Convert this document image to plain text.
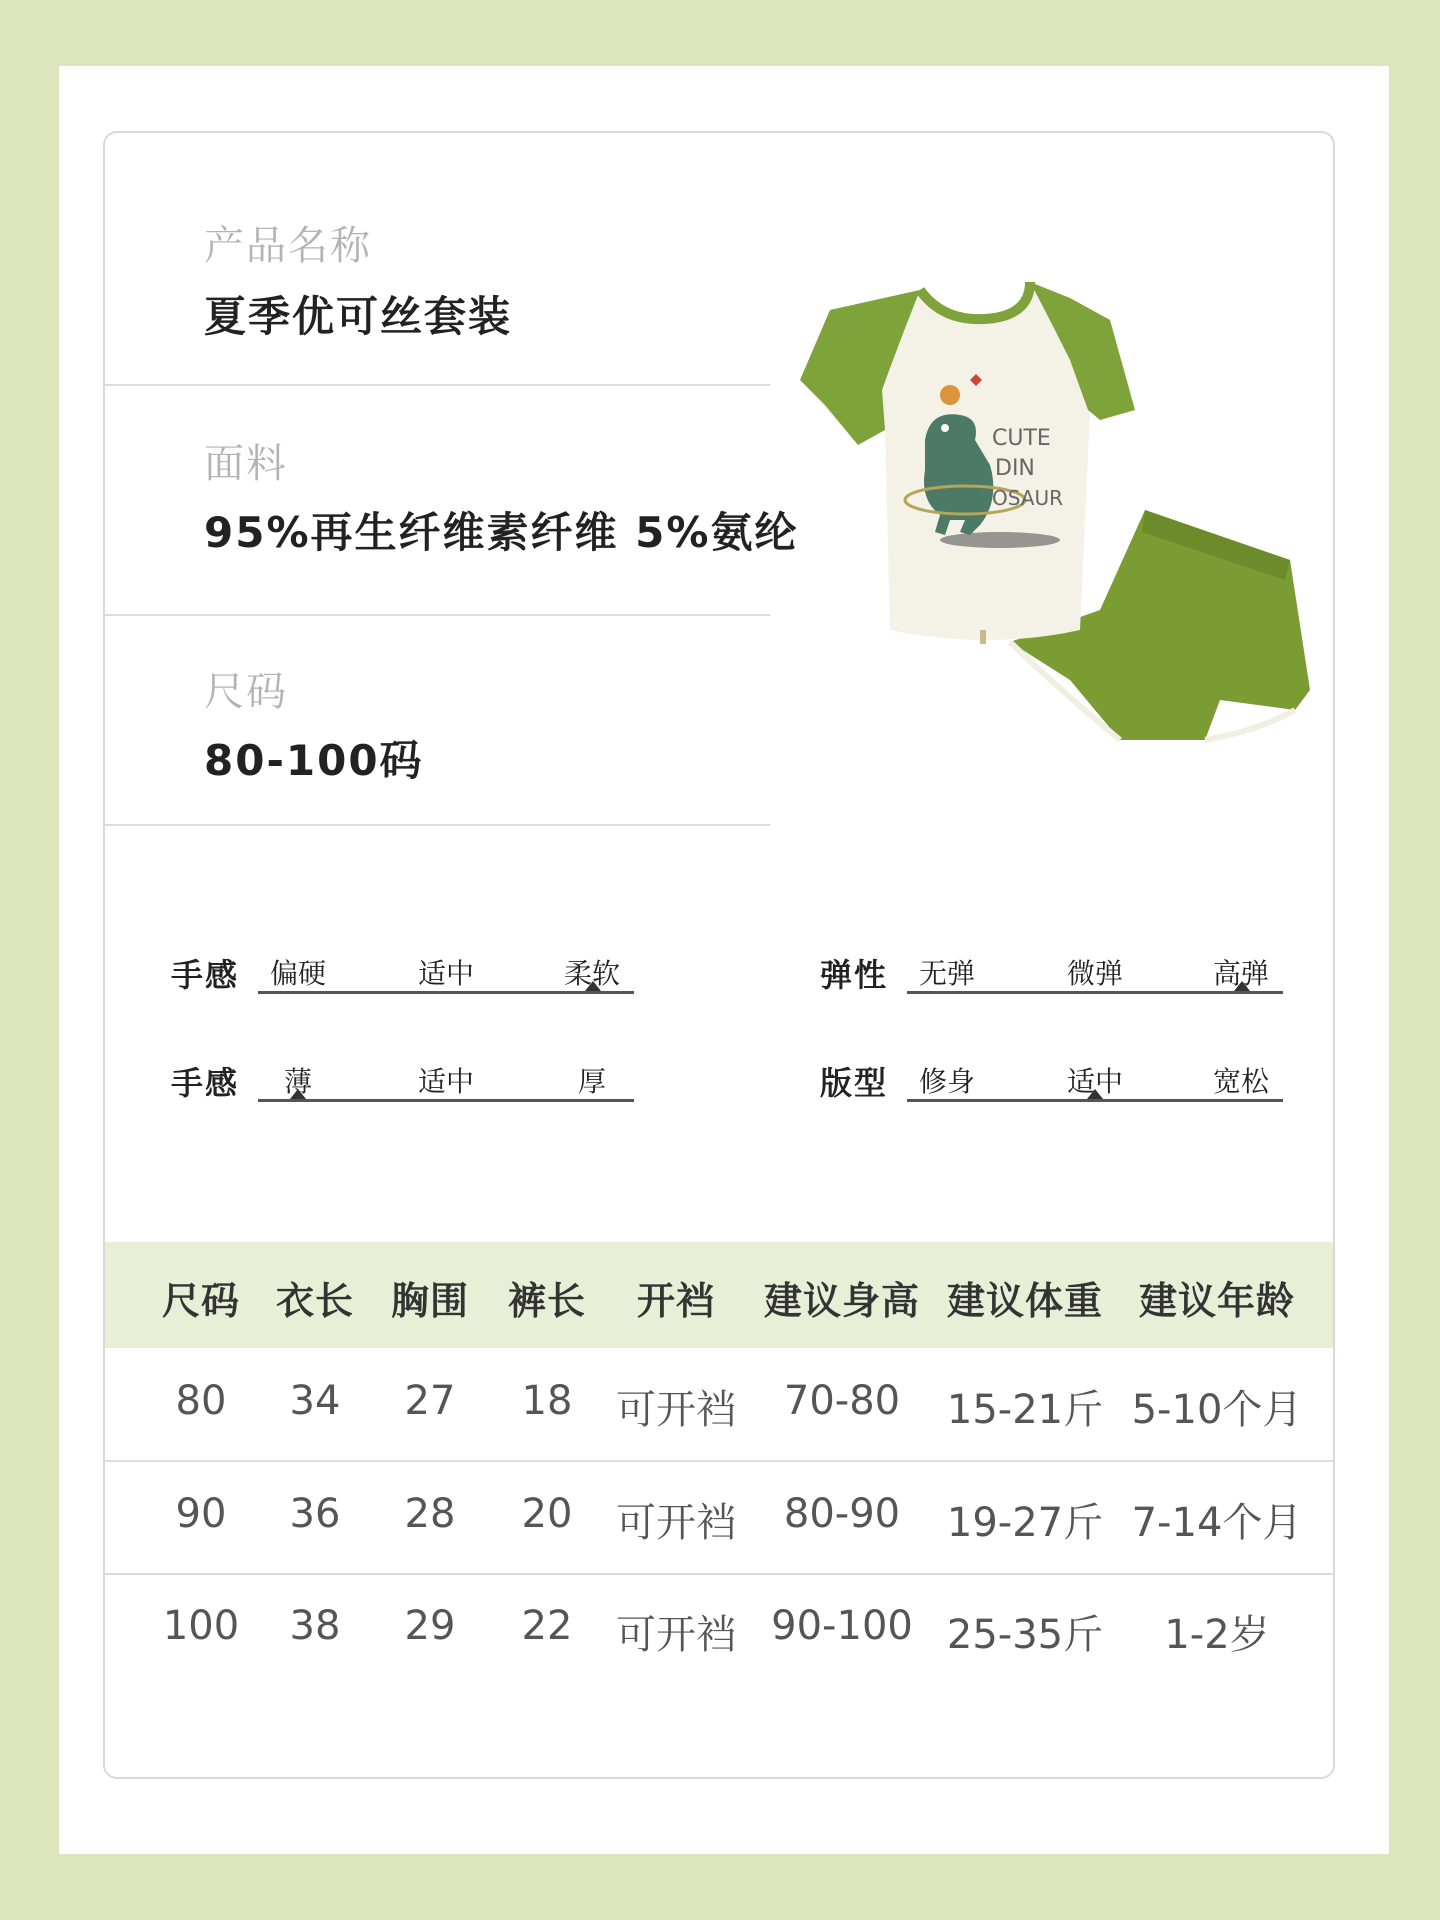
产品名称
夏季优可丝套装
面料
95%再生纤维素纤维 5%氨纶
尺码
80-100码
CUTE
DIN
OSAUR
手感 偏硬	适中	柔软	弹性 无弹	微弹	高弹
手感 薄	适中	厚	版型 修身	适中	宽松
尺码 衣长 胸围 裤长 开裆 建议身高 建议体重 建议年龄
80 34 27 18 可开裆 70-80 15-21斤 5-10个月
90 36 28 20 可开裆 80-90 19-27斤 7-14个月
100 38 29 22 可开裆 90-100 25-35斤 1-2岁
